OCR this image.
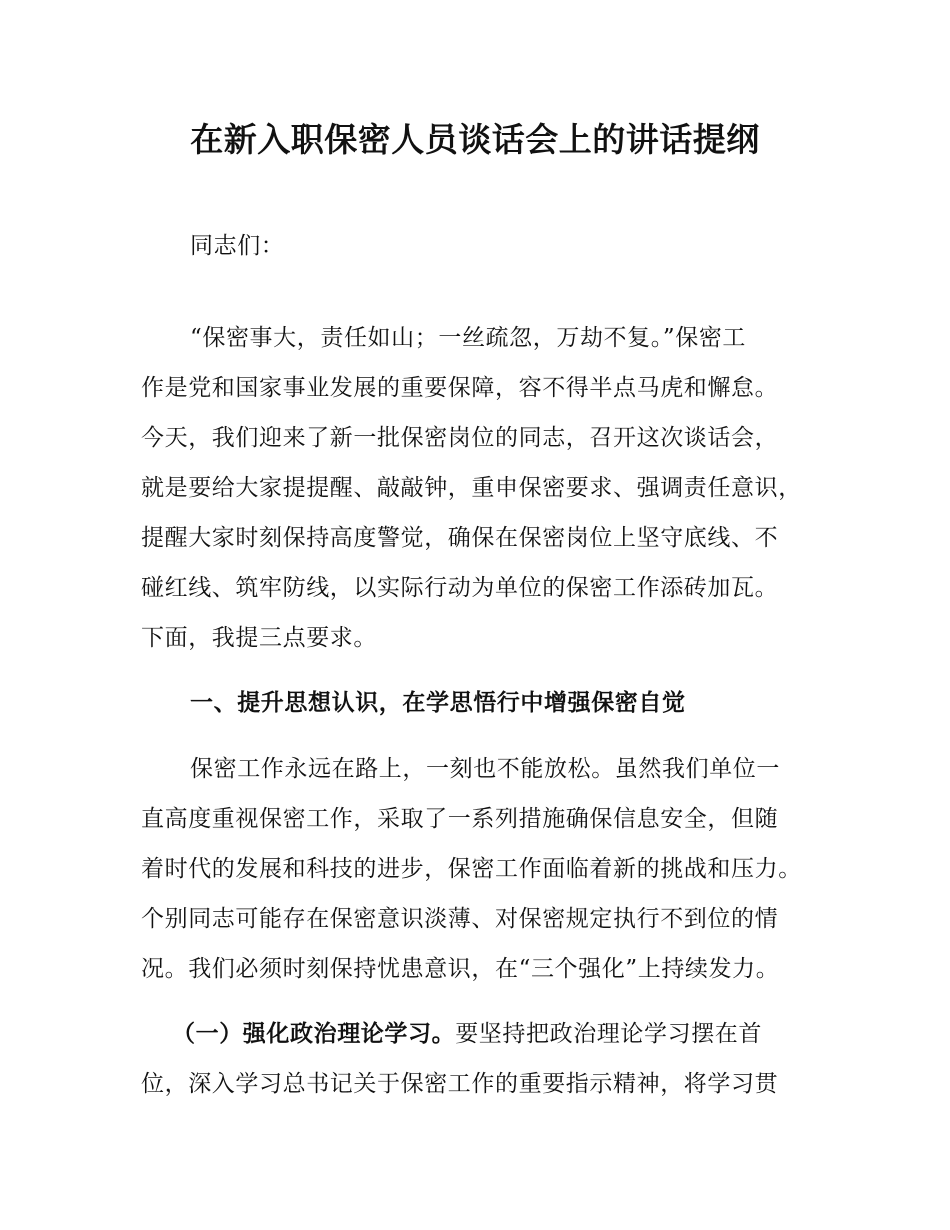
在新入职保密人员谈话会上的讲话提纲

同志们：

“保密事大，责任如山；一丝疏忽，万劫不复。”保密工

作是党和国家事业发展的重要保障，容不得半点马虎和懈怠。

今天，我们迎来了新一批保密岗位的同志，召开这次谈话会，

就是要给大家提提醒、敲敲钟，重申保密要求、强调责任意识，

提醒大家时刻保持高度警觉，确保在保密岗位上坚守底线、不

碰红线、筑牢防线，以实际行动为单位的保密工作添砖加瓦。

下面，我提三点要求。

一、提升思想认识，在学思悟行中增强保密自觉

保密工作永远在路上，一刻也不能放松。虽然我们单位一

直高度重视保密工作，采取了一系列措施确保信息安全，但随

着时代的发展和科技的进步，保密工作面临着新的挑战和压力。

个别同志可能存在保密意识淡薄、对保密规定执行不到位的情

况。我们必须时刻保持忧患意识，在“三个强化”上持续发力。

（一）强化政治理论学习。要坚持把政治理论学习摆在首

位，深入学习总书记关于保密工作的重要指示精神，将学习贯
